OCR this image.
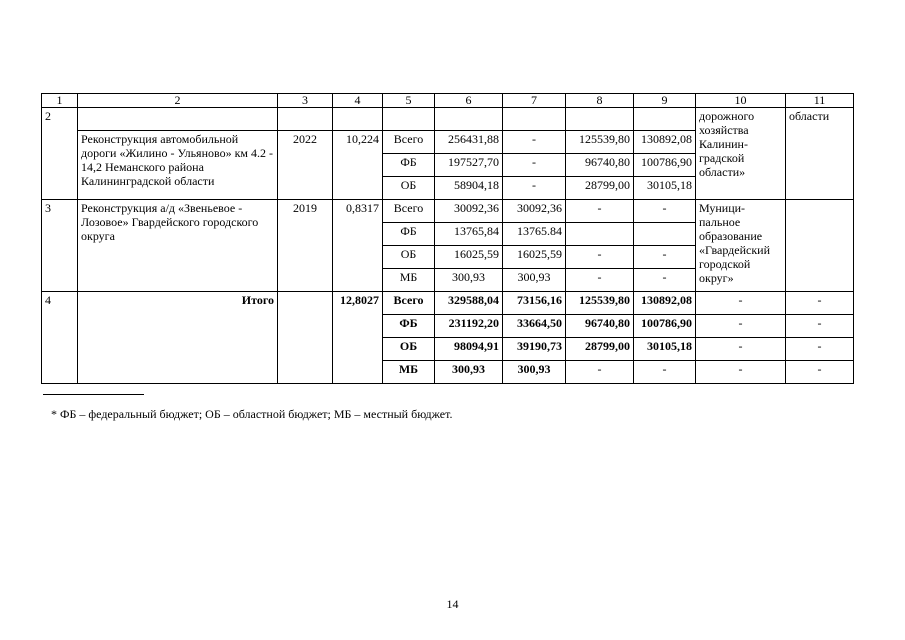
1	2	3	4	5	6	7	8	9	10	11
2									дорожного хозяйства Калинин-градской области»	области
	Реконструкция автомобильной дороги «Жилино - Ульяново» км 4.2 - 14,2 Неманского района Калининградской области	2022	10,224	Всего	256431,88	-	125539,80	130892,08		
				ФБ	197527,70	-	96740,80	100786,90		
				ОБ	58904,18	-	28799,00	30105,18		
3	Реконструкция а/д «Звеньевое - Лозовое» Гвардейского городского округа	2019	0,8317	Всего	30092,36	30092,36	-	-	Муници-пальное образование «Гвардейский городской округ»	
				ФБ	13765,84	13765.84				
				ОБ	16025,59	16025,59	-	-		
				МБ	300,93	300,93	-	-		
4	Итого		12,8027	Всего	329588,04	73156,16	125539,80	130892,08	-	-
				ФБ	231192,20	33664,50	96740,80	100786,90	-	-
				ОБ	98094,91	39190,73	28799,00	30105,18	-	-
				МБ	300,93	300,93	-	-	-	-
* ФБ – федеральный бюджет; ОБ – областной бюджет; МБ – местный бюджет.
14
